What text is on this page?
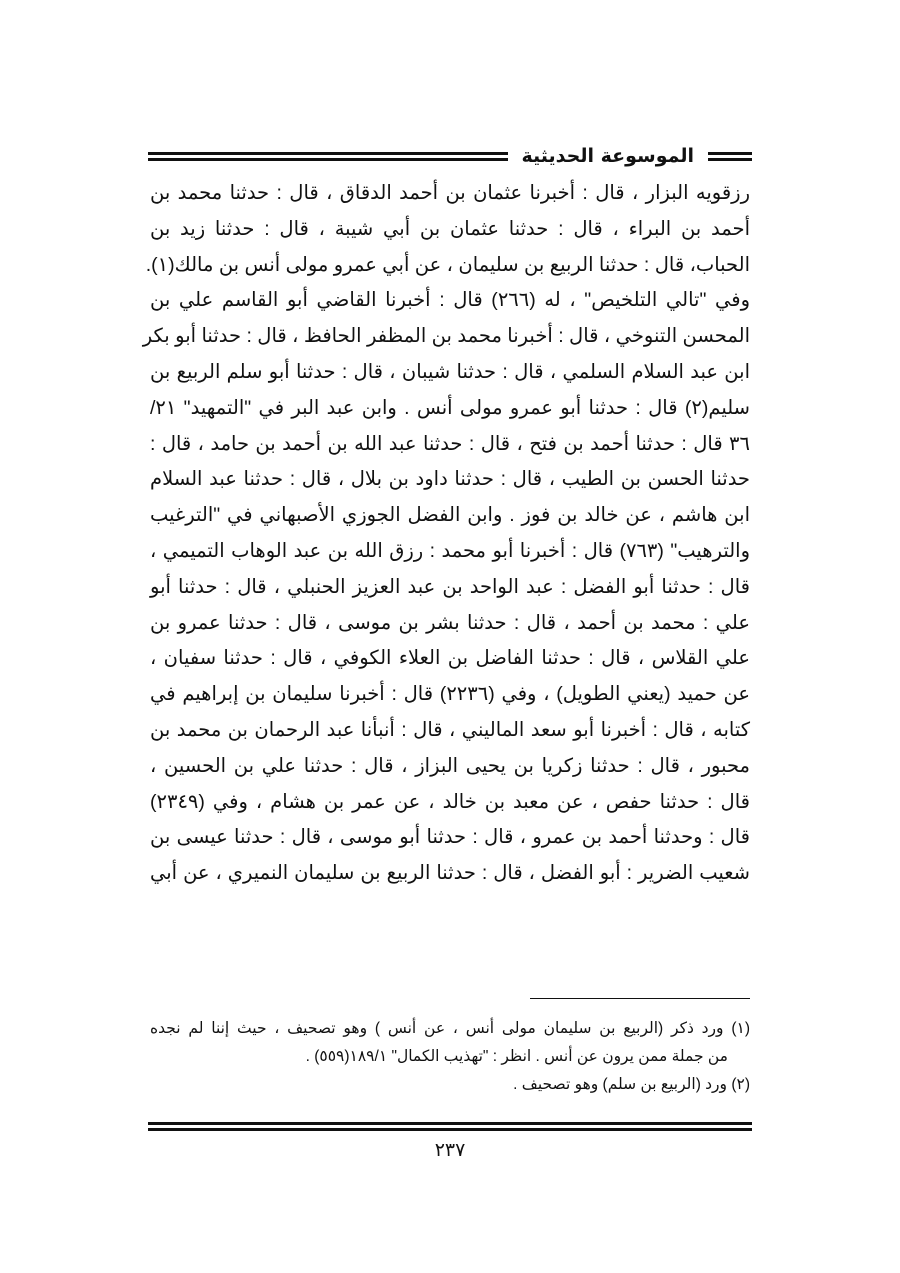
الموسوعة الحديثية
رزقويه البزار ، قال : أخبرنا عثمان بن أحمد الدقاق ، قال : حدثنا محمد بن
أحمد بن البراء ، قال : حدثنا عثمان بن أبي شيبة ، قال : حدثنا زيد بن
الحباب، قال : حدثنا الربيع بن سليمان ، عن أبي عمرو مولى أنس بن مالك(١).
وفي "تالي التلخيص" ، له (٢٦٦) قال : أخبرنا القاضي أبو القاسم علي بن
المحسن التنوخي ، قال : أخبرنا محمد بن المظفر الحافظ ، قال : حدثنا أبو بكر
ابن عبد السلام السلمي ، قال : حدثنا شيبان ، قال : حدثنا أبو سلم الربيع بن
سليم(٢) قال : حدثنا أبو عمرو مولى أنس . وابن عبد البر في "التمهيد" ٢١/
٣٦ قال : حدثنا أحمد بن فتح ، قال : حدثنا عبد الله بن أحمد بن حامد ، قال :
حدثنا الحسن بن الطيب ، قال : حدثنا داود بن بلال ، قال : حدثنا عبد السلام
ابن هاشم ، عن خالد بن فوز . وابن الفضل الجوزي الأصبهاني في "الترغيب
والترهيب" (٧٦٣) قال : أخبرنا أبو محمد : رزق الله بن عبد الوهاب التميمي ،
قال : حدثنا أبو الفضل : عبد الواحد بن عبد العزيز الحنبلي ، قال : حدثنا أبو
علي : محمد بن أحمد ، قال : حدثنا بشر بن موسى ، قال : حدثنا عمرو بن
علي القلاس ، قال : حدثنا الفاضل بن العلاء الكوفي ، قال : حدثنا سفيان ،
عن حميد (يعني الطويل) ، وفي (٢٢٣٦) قال : أخبرنا سليمان بن إبراهيم في
كتابه ، قال : أخبرنا أبو سعد الماليني ، قال : أنبأنا عبد الرحمان بن محمد بن
محبور ، قال : حدثنا زكريا بن يحيى البزاز ، قال : حدثنا علي بن الحسين ،
قال : حدثنا حفص ، عن معبد بن خالد ، عن عمر بن هشام ، وفي (٢٣٤٩)
قال : وحدثنا أحمد بن عمرو ، قال : حدثنا أبو موسى ، قال : حدثنا عيسى بن
شعيب الضرير : أبو الفضل ، قال : حدثنا الربيع بن سليمان النميري ، عن أبي
(١) ورد ذكر (الربيع بن سليمان مولى أنس ، عن أنس ) وهو تصحيف ، حيث إننا لم نجده
من جملة ممن يرون عن أنس . انظر : "تهذيب الكمال" ١٨٩/١(٥٥٩) .
(٢) ورد (الربيع بن سلم) وهو تصحيف .
٢٣٧
